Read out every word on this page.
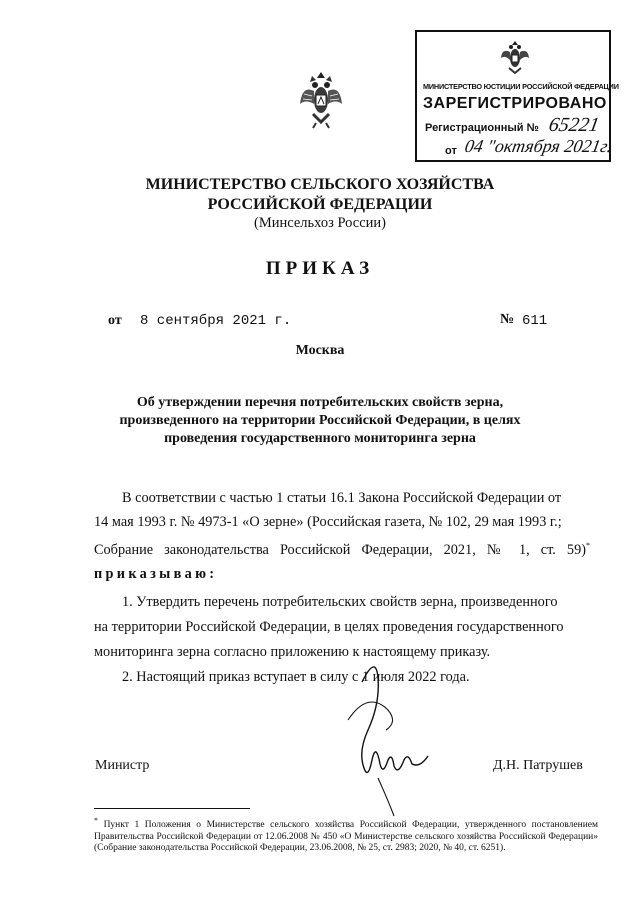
МИНИСТЕРСТВО ЮСТИЦИИ РОССИЙСКОЙ ФЕДЕРАЦИИ
ЗАРЕГИСТРИРОВАНО
Регистрационный № 65221
от 04 "октября 2021г.
МИНИСТЕРСТВО СЕЛЬСКОГО ХОЗЯЙСТВА
РОССИЙСКОЙ ФЕДЕРАЦИИ
(Минсельхоз России)
ПРИКАЗ
от 8 сентября 2021 г.	№ 611
Москва
Об утверждении перечня потребительских свойств зерна,
произведенного на территории Российской Федерации, в целях
проведения государственного мониторинга зерна
В соответствии с частью 1 статьи 16.1 Закона Российской Федерации от
14 мая 1993 г. № 4973-1 «О зерне» (Российская газета, № 102, 29 мая 1993 г.;
Собрание законодательства Российской Федерации, 2021, № 1, ст. 59)*
приказываю:
1. Утвердить перечень потребительских свойств зерна, произведенного
на территории Российской Федерации, в целях проведения государственного
мониторинга зерна согласно приложению к настоящему приказу.
2. Настоящий приказ вступает в силу с 1 июля 2022 года.
Министр	Д.Н. Патрушев
* Пункт 1 Положения о Министерстве сельского хозяйства Российской Федерации, утвержденного постановлением Правительства Российской Федерации от 12.06.2008 № 450 «О Министерстве сельского хозяйства Российской Федерации» (Собрание законодательства Российской Федерации, 23.06.2008, № 25, ст. 2983; 2020, № 40, ст. 6251).
